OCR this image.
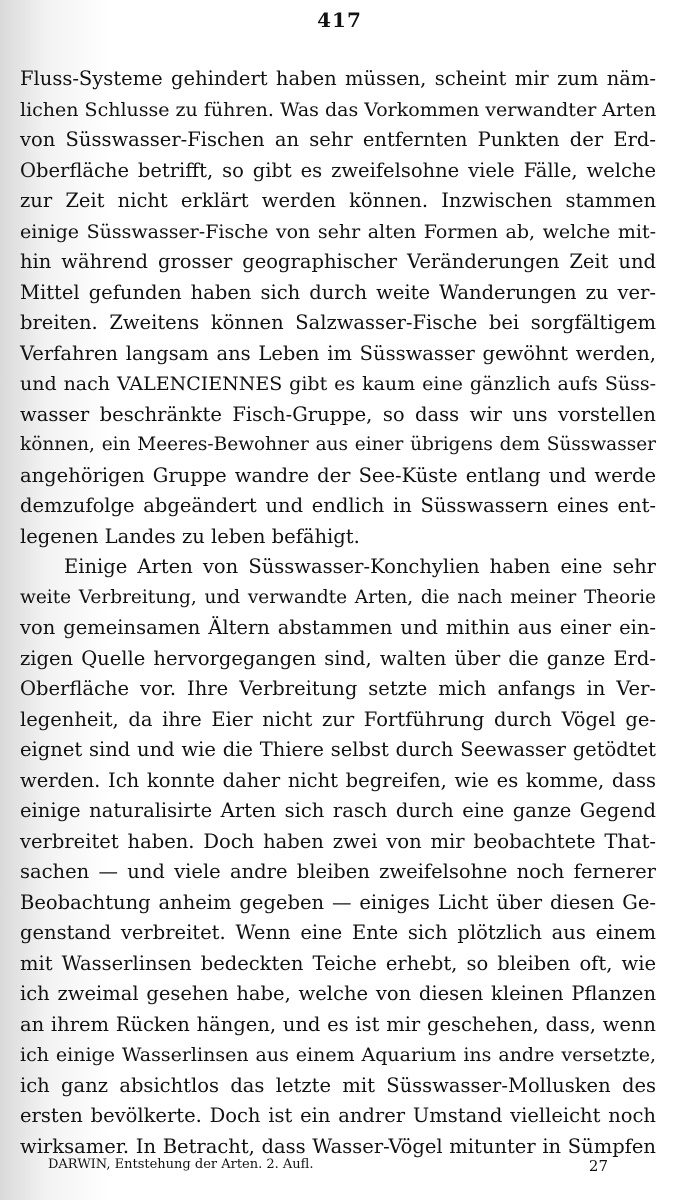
417
Fluss-Systeme gehindert haben müssen, scheint mir zum näm-
lichen Schlusse zu führen. Was das Vorkommen verwandter Arten
von Süsswasser-Fischen an sehr entfernten Punkten der Erd-
Oberfläche betrifft, so gibt es zweifelsohne viele Fälle, welche
zur Zeit nicht erklärt werden können. Inzwischen stammen
einige Süsswasser-Fische von sehr alten Formen ab, welche mit-
hin während grosser geographischer Veränderungen Zeit und
Mittel gefunden haben sich durch weite Wanderungen zu ver-
breiten. Zweitens können Salzwasser-Fische bei sorgfältigem
Verfahren langsam ans Leben im Süsswasser gewöhnt werden,
und nach VALENCIENNES gibt es kaum eine gänzlich aufs Süss-
wasser beschränkte Fisch-Gruppe, so dass wir uns vorstellen
können, ein Meeres-Bewohner aus einer übrigens dem Süsswasser
angehörigen Gruppe wandre der See-Küste entlang und werde
demzufolge abgeändert und endlich in Süsswassern eines ent-
legenen Landes zu leben befähigt.
Einige Arten von Süsswasser-Konchylien haben eine sehr
weite Verbreitung, und verwandte Arten, die nach meiner Theorie
von gemeinsamen Ältern abstammen und mithin aus einer ein-
zigen Quelle hervorgegangen sind, walten über die ganze Erd-
Oberfläche vor. Ihre Verbreitung setzte mich anfangs in Ver-
legenheit, da ihre Eier nicht zur Fortführung durch Vögel ge-
eignet sind und wie die Thiere selbst durch Seewasser getödtet
werden. Ich konnte daher nicht begreifen, wie es komme, dass
einige naturalisirte Arten sich rasch durch eine ganze Gegend
verbreitet haben. Doch haben zwei von mir beobachtete That-
sachen — und viele andre bleiben zweifelsohne noch fernerer
Beobachtung anheim gegeben — einiges Licht über diesen Ge-
genstand verbreitet. Wenn eine Ente sich plötzlich aus einem
mit Wasserlinsen bedeckten Teiche erhebt, so bleiben oft, wie
ich zweimal gesehen habe, welche von diesen kleinen Pflanzen
an ihrem Rücken hängen, und es ist mir geschehen, dass, wenn
ich einige Wasserlinsen aus einem Aquarium ins andre versetzte,
ich ganz absichtlos das letzte mit Süsswasser-Mollusken des
ersten bevölkerte. Doch ist ein andrer Umstand vielleicht noch
wirksamer. In Betracht, dass Wasser-Vögel mitunter in Sümpfen
DARWIN, Entstehung der Arten. 2. Aufl.	27
